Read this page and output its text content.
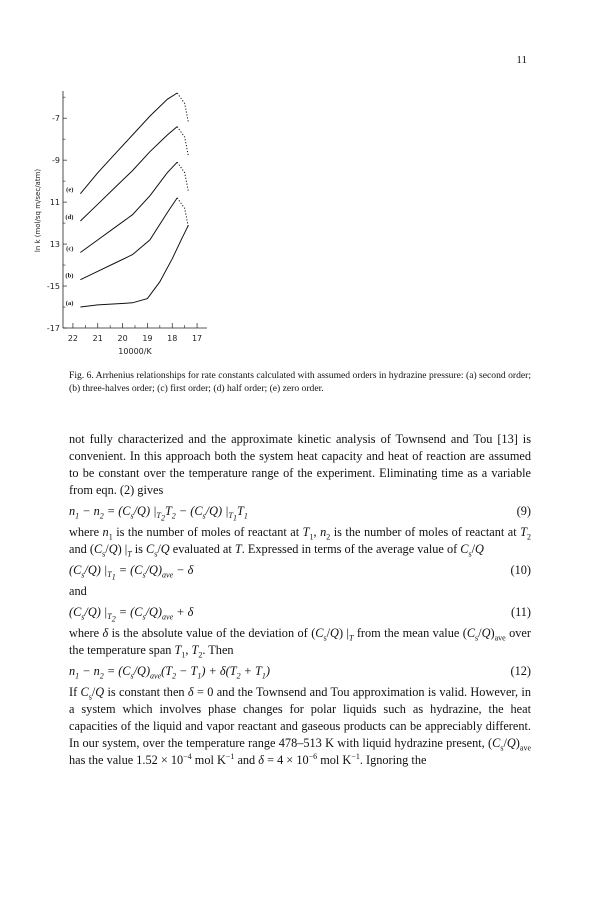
11
-7
-9
11
13
-15
-17
22 21 20 19 18 17
10000/K
ln k (mol/sq m/sec/atm)	(e)
(d)
(c)
(b)
(a)
Fig. 6. Arrhenius relationships for rate constants calculated with assumed orders in hydrazine pressure: (a) second order; (b) three-halves order; (c) first order; (d) half order; (e) zero order.

not fully characterized and the approximate kinetic analysis of Townsend and Tou [13] is convenient. In this approach both the system heat capacity and heat of reaction are assumed to be constant over the temperature range of the experiment. Eliminating time as a variable from eqn. (2) gives

$n_1 - n_2 = (C_s/Q) |_{T_2}T_2 - (C_s/Q)$ $|_{T_1}T_1$	(9)

where $n_1$ is the number of moles of reactant at $T_1$, $n_2$ is the number of moles of reactant at $T_2$ and $(C_s/Q)$ $|_T$ is $C_s/Q$ evaluated at T. Expressed in terms of the average value of $C_s/Q$

$(C_s/Q) |_{T_1} = (C_s/Q)_{ave} - \delta$	(10)

and

$(C_s/Q) |_{T_2} = (C_s/Q)_{ave} + \delta$	(11)

where δ is the absolute value of the deviation of $(C_s/Q)$ $|_T$ from the mean value $(C_s/Q)_{ave}$ over the temperature span $T_1$, $T_2$. Then

$n_1 - n_2 = (C_s/Q)_{ave}(T_2 - T_1) + \delta(T_2 + T_1)$	(12)

If $C_s/Q$ is constant then δ = 0 and the Townsend and Tou approximation is valid. However, in a system which involves phase changes for polar liquids such as hydrazine, the heat capacities of the liquid and vapor reactant and gaseous products can be appreciably different. In our system, over the temperature range 478–513 K with liquid hydrazine present, $(C_s/Q)_{ave}$ has the value $1.52 \times 10^{-4}$ mol $K^{-1}$ and $\delta = 4 \times 10^{-6}$ mol $K^{-1}$. Ignoring the
